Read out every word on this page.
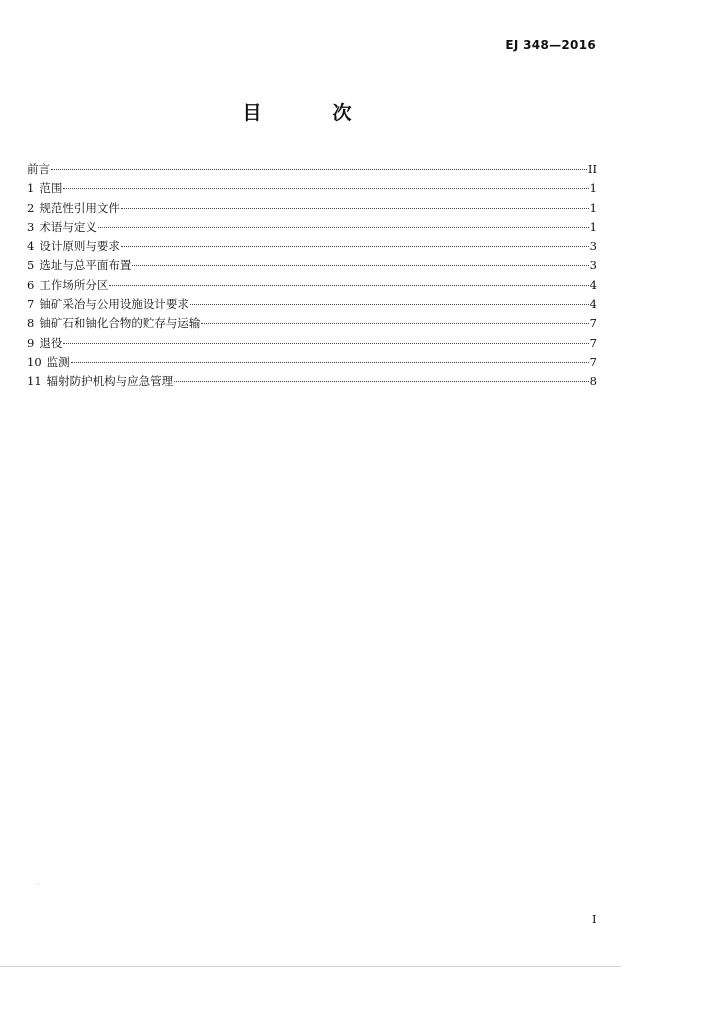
EJ 348—2016
目　次
前言	II
1 范围	1
2 规范性引用文件	1
3 术语与定义	1
4 设计原则与要求	3
5 选址与总平面布置	3
6 工作场所分区	4
7 铀矿采冶与公用设施设计要求	4
8 铀矿石和铀化合物的贮存与运输	7
9 退役	7
10 监测	7
11 辐射防护机构与应急管理	8
I
